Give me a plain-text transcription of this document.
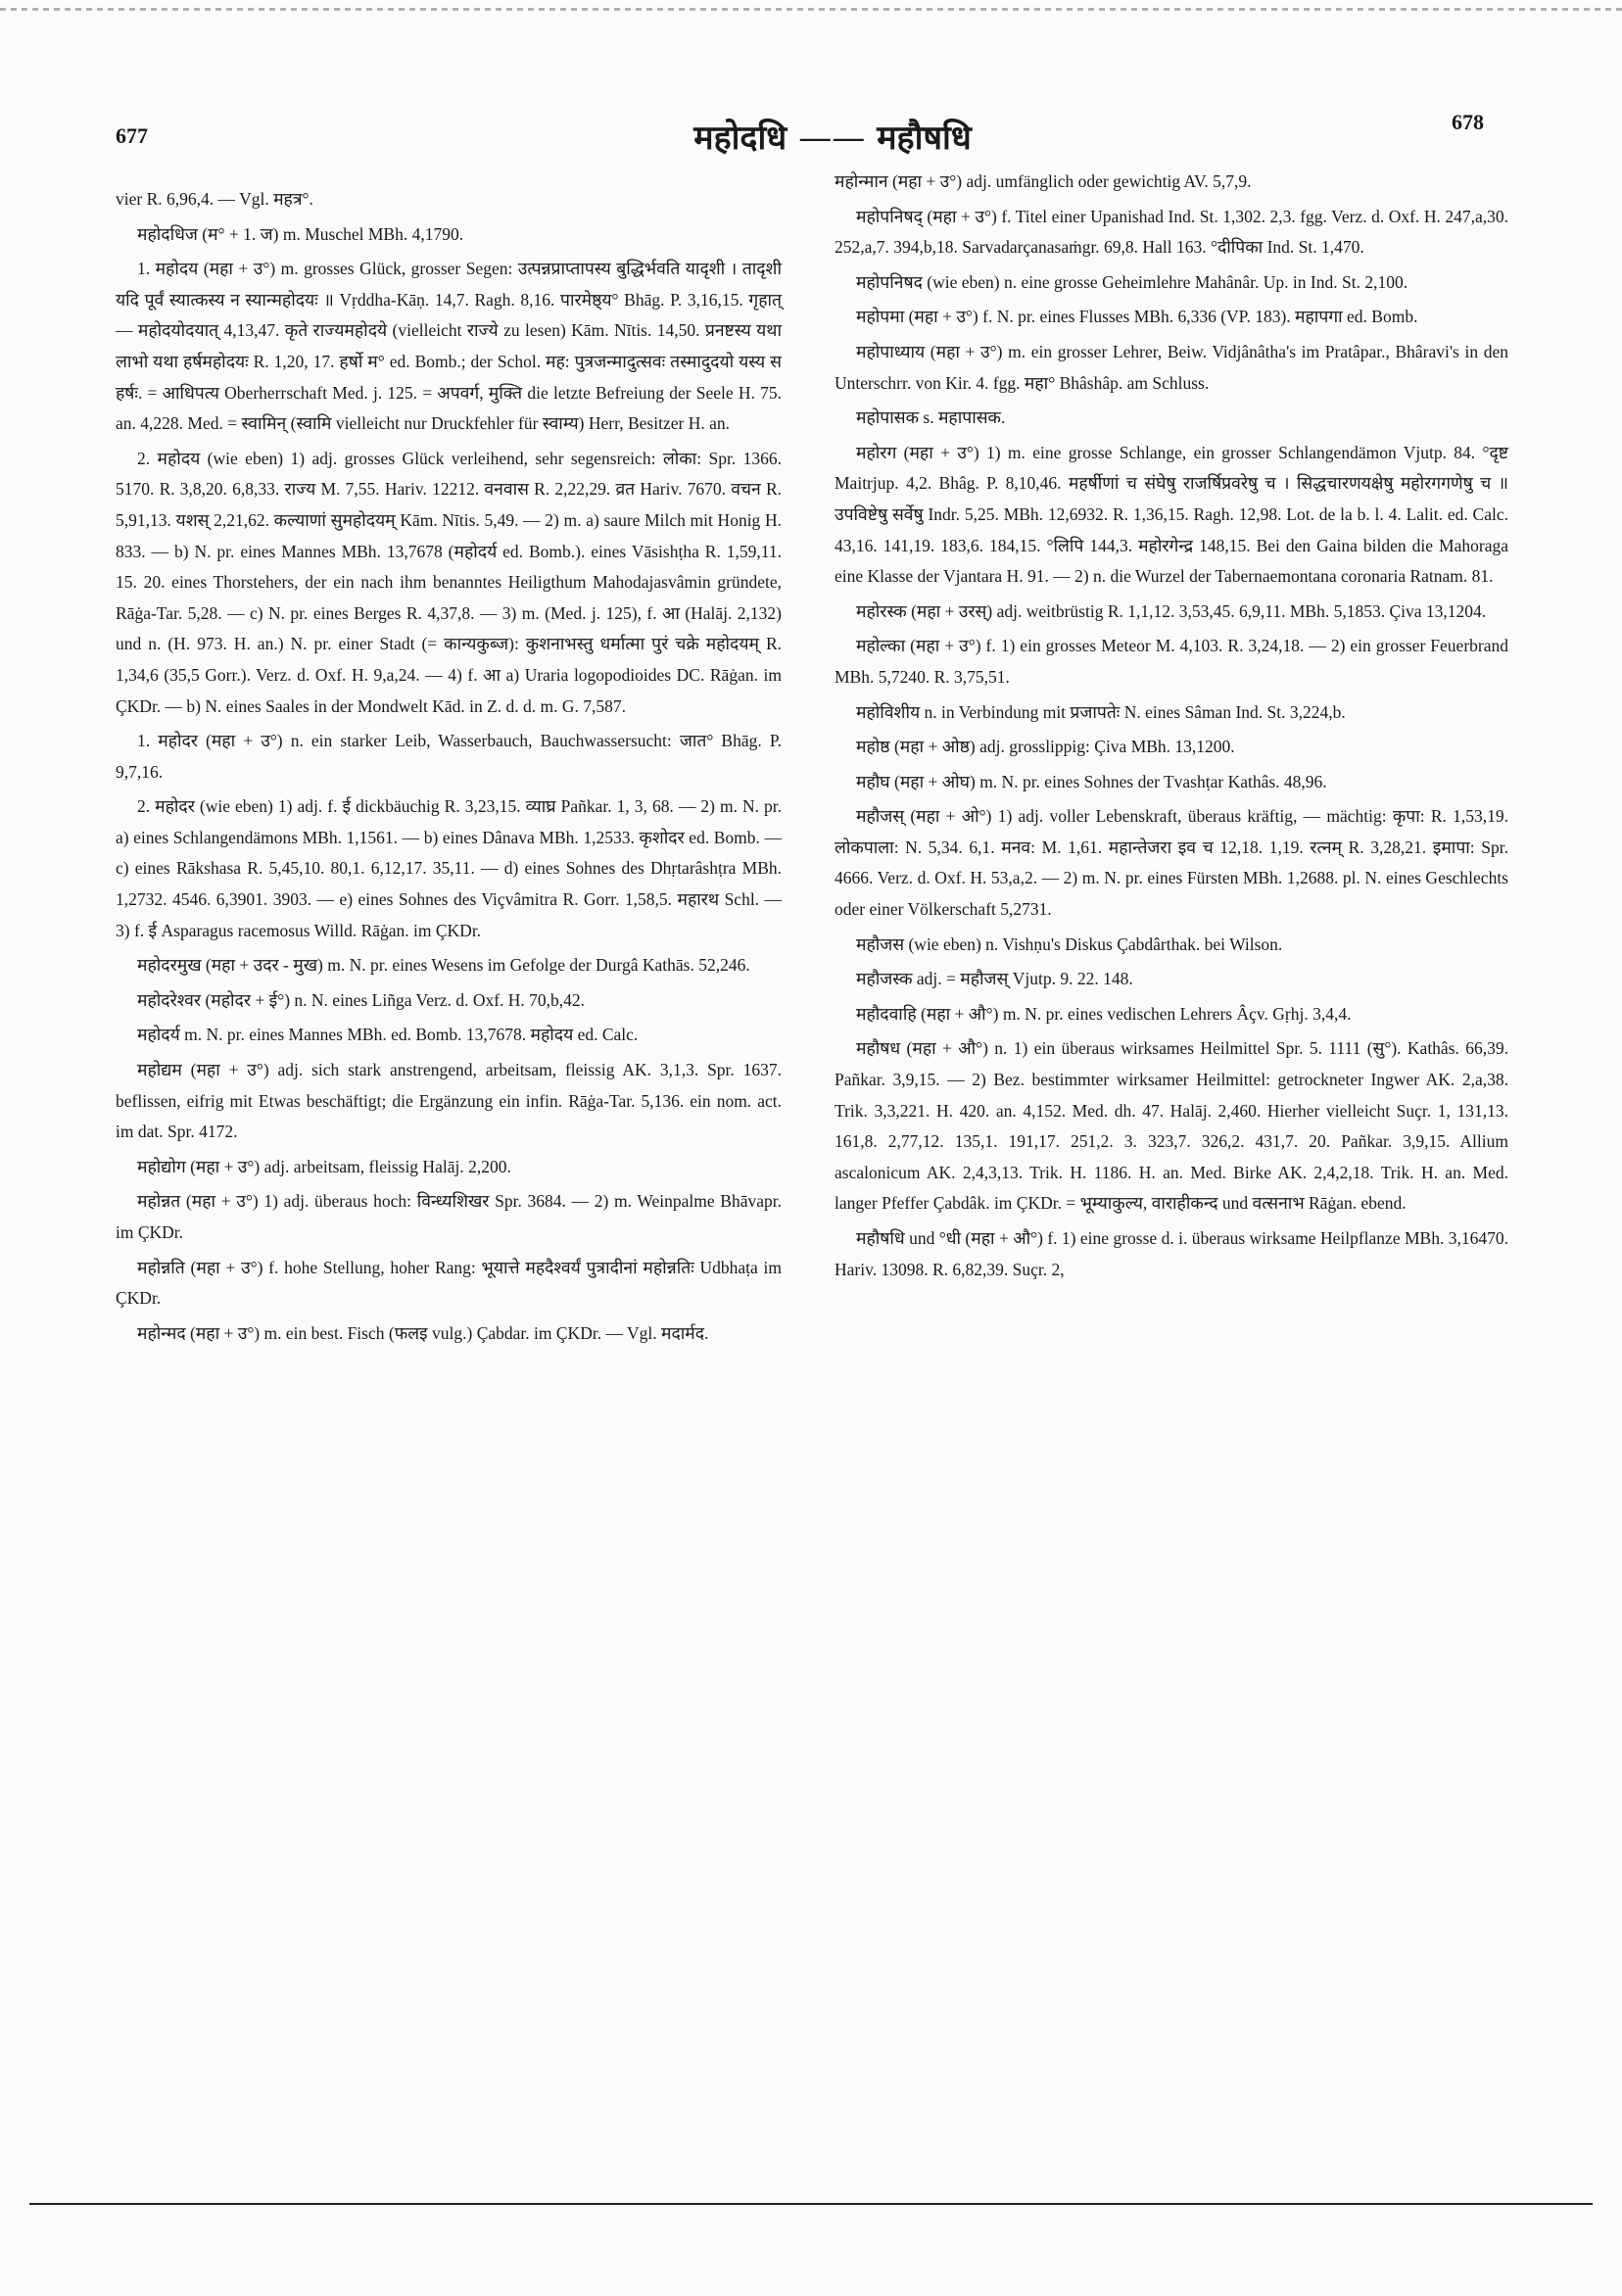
677	महोदधि —— महौषधि	678

vier R. 6,96,4. — Vgl. महत्र°.

महोदधिज (म° + 1. ज) m. Muschel MBh. 4,1790.

1. महोदय (महा + उ°) m. grosses Glück, grosser Segen: उत्पन्नप्राप्तापस्य बुद्धिर्भवति यादृशी । तादृशी यदि पूर्वं स्यात्कस्य न स्यान्महोदयः ॥ Vṛddha-Kāṇ. 14,7. Ragh. 8,16. पारमेष्ठ्य° Bhāg. P. 3,16,15. गृहात् — महोदयोदयात् 4,13,47. कृते राज्यमहोदये (vielleicht राज्ये zu lesen) Kām. Nītis. 14,50. प्रनष्टस्य यथा लाभो यथा हर्षमहोदयः R. 1,20, 17. हर्षो म° ed. Bomb.; der Schol. मह: पुत्रजन्मादुत्सवः तस्मादुदयो यस्य स हर्षः. = आधिपत्य Oberherrschaft Med. j. 125. = अपवर्ग, मुक्ति die letzte Befreiung der Seele H. 75. an. 4,228. Med. = स्वामिन् (स्वामि vielleicht nur Druckfehler für स्वाम्य) Herr, Besitzer H. an.

2. महोदय (wie eben) 1) adj. grosses Glück verleihend, sehr segensreich: लोका: Spr. 1366. 5170. R. 3,8,20. 6,8,33. राज्य M. 7,55. Hariv. 12212. वनवास R. 2,22,29. व्रत Hariv. 7670. वचन R. 5,91,13. यशस् 2,21,62. कल्याणां सुमहोदयम् Kām. Nītis. 5,49. — 2) m. a) saure Milch mit Honig H. 833. — b) N. pr. eines Mannes MBh. 13,7678 (महोदर्य ed. Bomb.). eines Vāsishṭha R. 1,59,11. 15. 20. eines Thorstehers, der ein nach ihm benanntes Heiligthum Mahodajasvâmin gründete, Rāġa-Tar. 5,28. — c) N. pr. eines Berges R. 4,37,8. — 3) m. (Med. j. 125), f. आ (Halāj. 2,132) und n. (H. 973. H. an.) N. pr. einer Stadt (= कान्यकुब्ज): कुशनाभस्तु धर्मात्मा पुरं चक्रे महोदयम् R. 1,34,6 (35,5 Gorr.). Verz. d. Oxf. H. 9,a,24. — 4) f. आ a) Uraria logopodioides DC. Rāġan. im ÇKDr. — b) N. eines Saales in der Mondwelt Kād. in Z. d. d. m. G. 7,587.

1. महोदर (महा + उ°) n. ein starker Leib, Wasserbauch, Bauchwassersucht: जात° Bhāg. P. 9,7,16.

2. महोदर (wie eben) 1) adj. f. ई dickbäuchig R. 3,23,15. व्याघ्र Pañkar. 1, 3, 68. — 2) m. N. pr. a) eines Schlangendämons MBh. 1,1561. — b) eines Dânava MBh. 1,2533. कृशोदर ed. Bomb. — c) eines Rākshasa R. 5,45,10. 80,1. 6,12,17. 35,11. — d) eines Sohnes des Dhṛtarâshṭra MBh. 1,2732. 4546. 6,3901. 3903. — e) eines Sohnes des Viçvâmitra R. Gorr. 1,58,5. महारथ Schl. — 3) f. ई Asparagus racemosus Willd. Rāġan. im ÇKDr.

महोदरमुख (महा + उदर - मुख) m. N. pr. eines Wesens im Gefolge der Durgâ Kathās. 52,246.

महोदरेश्वर (महोदर + ई°) n. N. eines Liñga Verz. d. Oxf. H. 70,b,42.

महोदर्य m. N. pr. eines Mannes MBh. ed. Bomb. 13,7678. महोदय ed. Calc.

महोद्यम (महा + उ°) adj. sich stark anstrengend, arbeitsam, fleissig AK. 3,1,3. Spr. 1637. beflissen, eifrig mit Etwas beschäftigt; die Ergänzung ein infin. Rāġa-Tar. 5,136. ein nom. act. im dat. Spr. 4172.

महोद्योग (महा + उ°) adj. arbeitsam, fleissig Halāj. 2,200.

महोन्नत (महा + उ°) 1) adj. überaus hoch: विन्ध्यशिखर Spr. 3684. — 2) m. Weinpalme Bhāvapr. im ÇKDr.

महोन्नति (महा + उ°) f. hohe Stellung, hoher Rang: भूयात्ते महदैश्वर्यं पुत्रादीनां महोन्नतिः Udbhaṭa im ÇKDr.

महोन्मद (महा + उ°) m. ein best. Fisch (फलइ vulg.) Çabdar. im ÇKDr. — Vgl. मदार्मद.

महोन्मान (महा + उ°) adj. umfänglich oder gewichtig AV. 5,7,9.

महोपनिषद् (महा + उ°) f. Titel einer Upanishad Ind. St. 1,302. 2,3. fgg. Verz. d. Oxf. H. 247,a,30. 252,a,7. 394,b,18. Sarvadarçanasaṁgr. 69,8. Hall 163. °दीपिका Ind. St. 1,470.

महोपनिषद (wie eben) n. eine grosse Geheimlehre Mahânâr. Up. in Ind. St. 2,100.

महोपमा (महा + उ°) f. N. pr. eines Flusses MBh. 6,336 (VP. 183). महापगा ed. Bomb.

महोपाध्याय (महा + उ°) m. ein grosser Lehrer, Beiw. Vidjânâtha's im Pratâpar., Bhâravi's in den Unterschrr. von Kir. 4. fgg. महा° Bhâshâp. am Schluss.

महोपासक s. महापासक.

महोरग (महा + उ°) 1) m. eine grosse Schlange, ein grosser Schlangendämon Vjutp. 84. °दृष्ट Maitrjup. 4,2. Bhâg. P. 8,10,46. महर्षीणां च संघेषु राजर्षिप्रवरेषु च । सिद्धचारणयक्षेषु महोरगगणेषु च ॥ उपविष्टेषु सर्वेषु Indr. 5,25. MBh. 12,6932. R. 1,36,15. Ragh. 12,98. Lot. de la b. l. 4. Lalit. ed. Calc. 43,16. 141,19. 183,6. 184,15. °लिपि 144,3. महोरगेन्द्र 148,15. Bei den Gaina bilden die Mahoraga eine Klasse der Vjantara H. 91. — 2) n. die Wurzel der Tabernaemontana coronaria Ratnam. 81.

महोरस्क (महा + उरस्) adj. weitbrüstig R. 1,1,12. 3,53,45. 6,9,11. MBh. 5,1853. Çiva 13,1204.

महोल्का (महा + उ°) f. 1) ein grosses Meteor M. 4,103. R. 3,24,18. — 2) ein grosser Feuerbrand MBh. 5,7240. R. 3,75,51.

महोविशीय n. in Verbindung mit प्रजापतेः N. eines Sâman Ind. St. 3,224,b.

महोष्ठ (महा + ओष्ठ) adj. grosslippig: Çiva MBh. 13,1200.

महौघ (महा + ओघ) m. N. pr. eines Sohnes der Tvashṭar Kathâs. 48,96.

महौजस् (महा + ओ°) 1) adj. voller Lebenskraft, überaus kräftig, — mächtig: कृपा: R. 1,53,19. लोकपाला: N. 5,34. 6,1. मनव: M. 1,61. महान्तेजरा इव च 12,18. 1,19. रत्नम् R. 3,28,21. इमापा: Spr. 4666. Verz. d. Oxf. H. 53,a,2. — 2) m. N. pr. eines Fürsten MBh. 1,2688. pl. N. eines Geschlechts oder einer Völkerschaft 5,2731.

महौजस (wie eben) n. Vishṇu's Diskus Çabdârthak. bei Wilson.

महौजस्क adj. = महौजस् Vjutp. 9. 22. 148.

महौदवाहि (महा + औ°) m. N. pr. eines vedischen Lehrers Âçv. Gṛhj. 3,4,4.

महौषध (महा + औ°) n. 1) ein überaus wirksames Heilmittel Spr. 5. 1111 (सु°). Kathâs. 66,39. Pañkar. 3,9,15. — 2) Bez. bestimmter wirksamer Heilmittel: getrockneter Ingwer AK. 2,a,38. Trik. 3,3,221. H. 420. an. 4,152. Med. dh. 47. Halāj. 2,460. Hierher vielleicht Suçr. 1, 131,13. 161,8. 2,77,12. 135,1. 191,17. 251,2. 3. 323,7. 326,2. 431,7. 20. Pañkar. 3,9,15. Allium ascalonicum AK. 2,4,3,13. Trik. H. 1186. H. an. Med. Birke AK. 2,4,2,18. Trik. H. an. Med. langer Pfeffer Çabdâk. im ÇKDr. = भूम्याकुल्य, वाराहीकन्द und वत्सनाभ Rāġan. ebend.

महौषधि und °धी (महा + औ°) f. 1) eine grosse d. i. überaus wirksame Heilpflanze MBh. 3,16470. Hariv. 13098. R. 6,82,39. Suçr. 2,
